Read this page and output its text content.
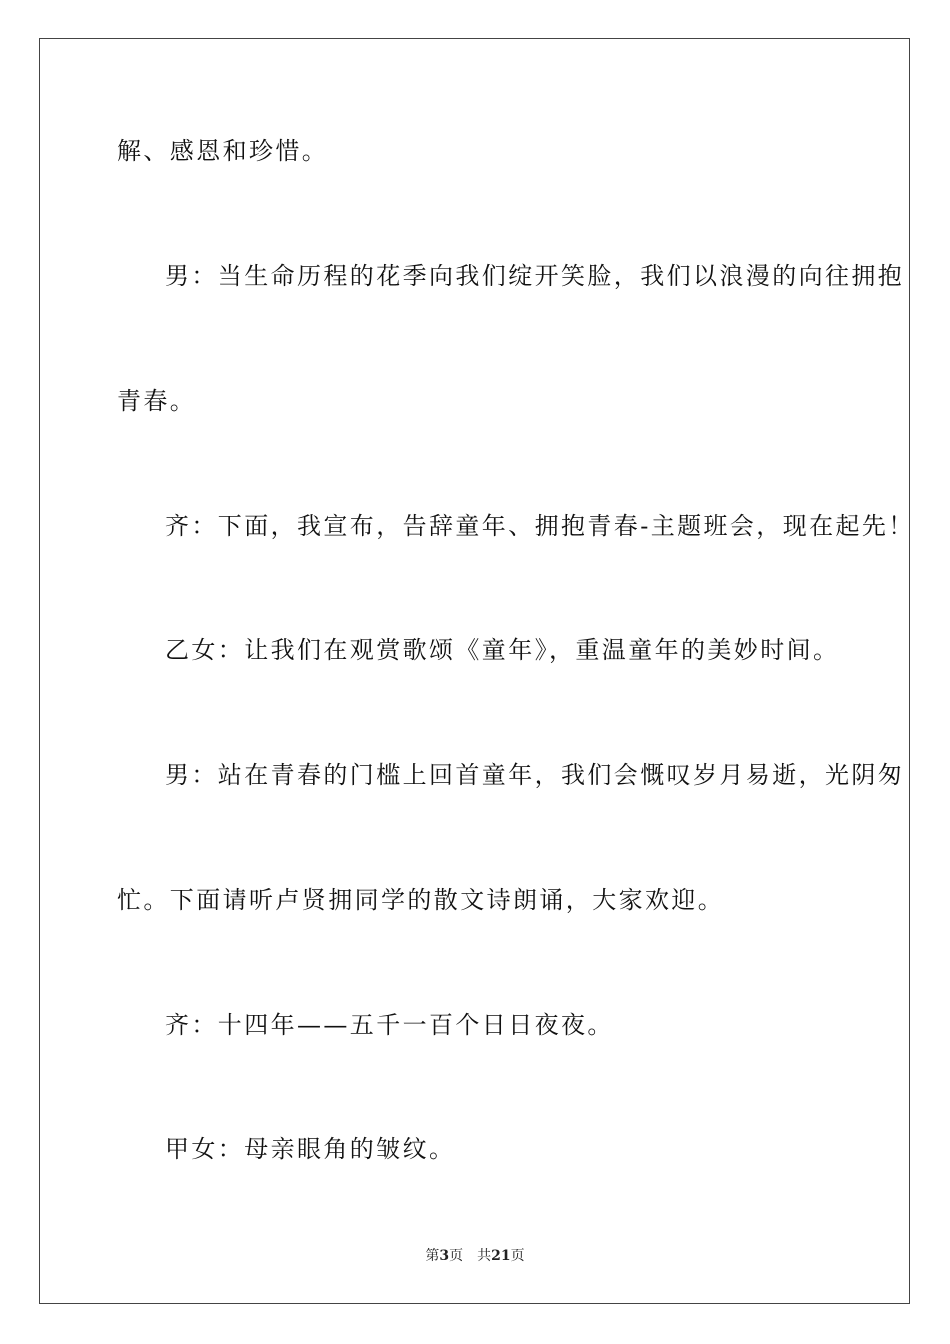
解、感恩和珍惜。
男：当生命历程的花季向我们绽开笑脸，我们以浪漫的向往拥抱
青春。
齐：下面，我宣布，告辞童年、拥抱青春-主题班会，现在起先！
乙女：让我们在观赏歌颂《童年》，重温童年的美妙时间。
男：站在青春的门槛上回首童年，我们会慨叹岁月易逝，光阴匆
忙。下面请听卢贤拥同学的散文诗朗诵，大家欢迎。
齐：十四年——五千一百个日日夜夜。
甲女：母亲眼角的皱纹。
第3页 共21页
